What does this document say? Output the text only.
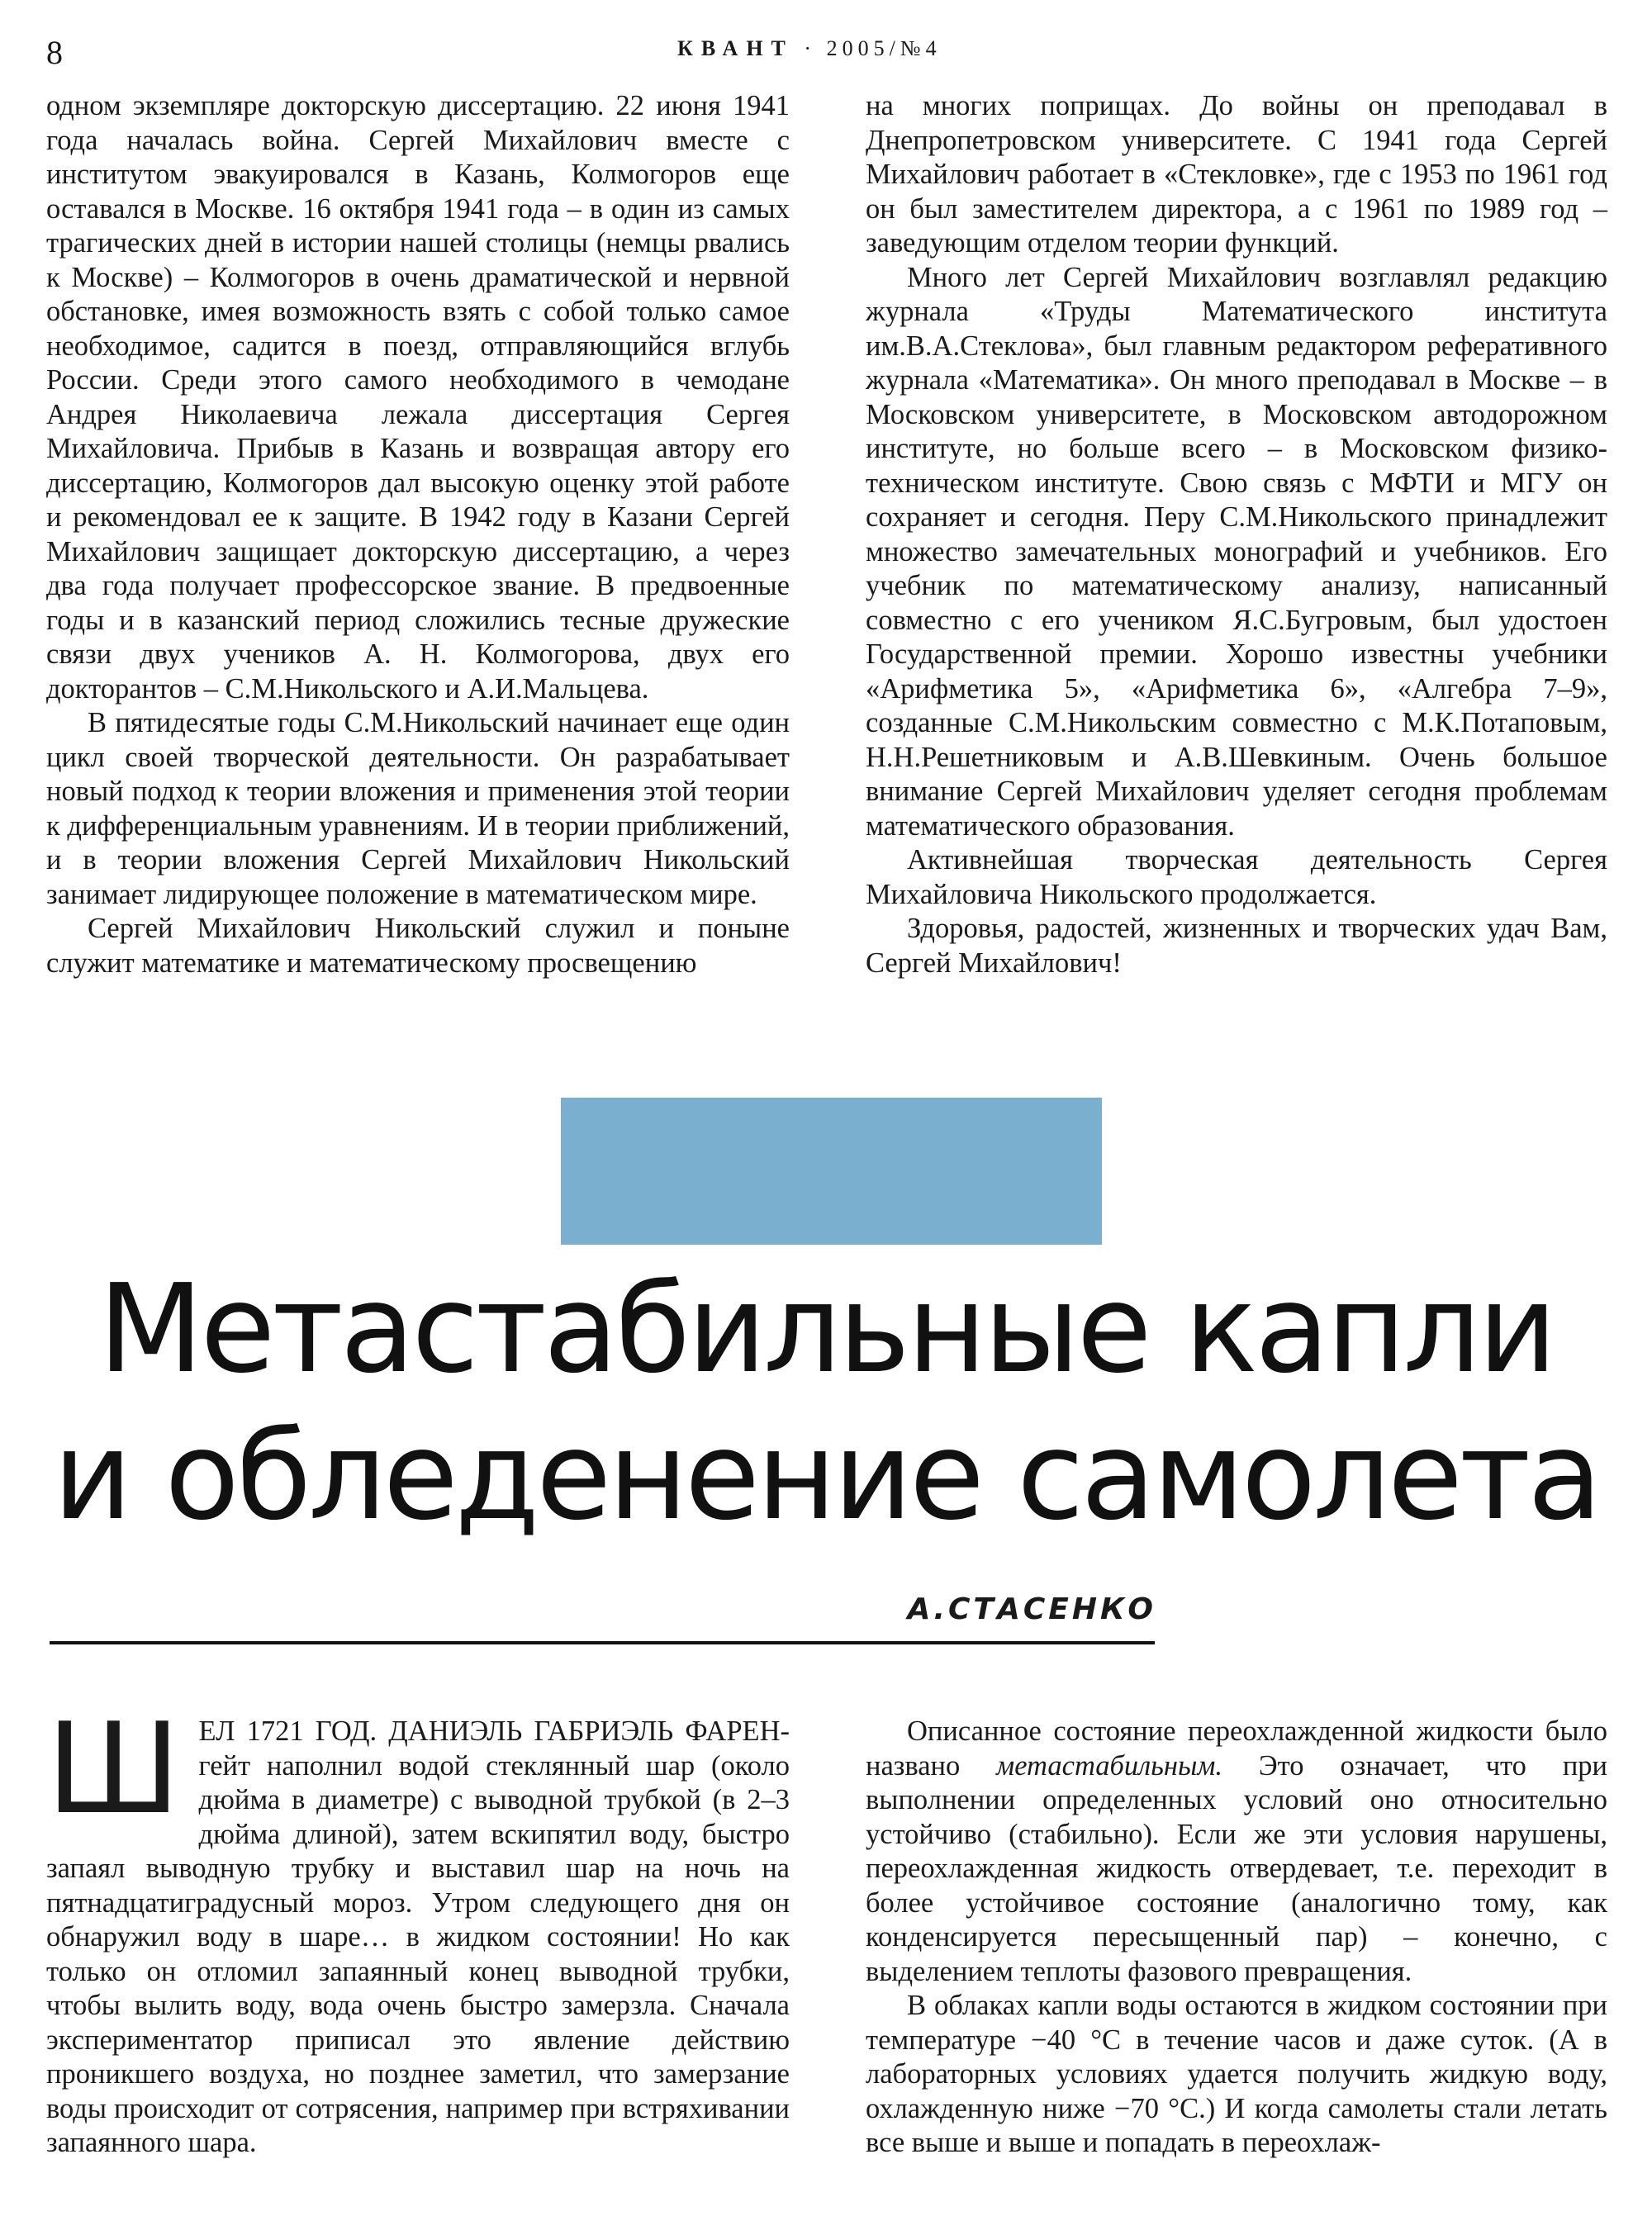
8	КВАНТ · 2005/№4

одном экземпляре докторскую диссертацию. 22 июня 1941 года началась война. Сергей Михайлович вместе с институтом эвакуировался в Казань, Колмогоров еще оставался в Москве. 16 октября 1941 года – в один из самых трагических дней в истории нашей столицы (немцы рвались к Москве) – Колмогоров в очень драматической и нервной обстановке, имея возможность взять с собой только самое необходимое, садится в поезд, отправляющийся вглубь России. Среди этого самого необходимого в чемодане Андрея Николаевича лежала диссертация Сергея Михайловича. Прибыв в Казань и возвращая автору его диссертацию, Колмогоров дал высокую оценку этой работе и рекомендовал ее к защите. В 1942 году в Казани Сергей Михайлович защищает докторскую диссертацию, а через два года получает профессорское звание. В предвоенные годы и в казанский период сложились тесные дружеские связи двух учеников А. Н. Колмогорова, двух его докторантов – С.М.Никольского и А.И.Мальцева.

В пятидесятые годы С.М.Никольский начинает еще один цикл своей творческой деятельности. Он разрабатывает новый подход к теории вложения и применения этой теории к дифференциальным уравнениям. И в теории приближений, и в теории вложения Сергей Михайлович Никольский занимает лидирующее положение в математическом мире.

Сергей Михайлович Никольский служил и поныне служит математике и математическому просвещению

на многих поприщах. До войны он преподавал в Днепропетровском университете. С 1941 года Сергей Михайлович работает в «Стекловке», где с 1953 по 1961 год он был заместителем директора, а с 1961 по 1989 год – заведующим отделом теории функций.

Много лет Сергей Михайлович возглавлял редакцию журнала «Труды Математического института им.В.А.Стеклова», был главным редактором реферативного журнала «Математика». Он много преподавал в Москве – в Московском университете, в Московском автодорожном институте, но больше всего – в Московском физико-техническом институте. Свою связь с МФТИ и МГУ он сохраняет и сегодня. Перу С.М.Никольского принадлежит множество замечательных монографий и учебников. Его учебник по математическому анализу, написанный совместно с его учеником Я.С.Бугровым, был удостоен Государственной премии. Хорошо известны учебники «Арифметика 5», «Арифметика 6», «Алгебра 7–9», созданные С.М.Никольским совместно с М.К.Потаповым, Н.Н.Решетниковым и А.В.Шевкиным. Очень большое внимание Сергей Михайлович уделяет сегодня проблемам математического образования.

Активнейшая творческая деятельность Сергея Михайловича Никольского продолжается.

Здоровья, радостей, жизненных и творческих удач Вам, Сергей Михайлович!

Метастабильные капли
и обледенение самолета
А.СТАСЕНКО

ШЕЛ 1721 ГОД. ДАНИЭЛЬ ГАБРИЭЛЬ ФАРЕН- гейт наполнил водой стеклянный шар (около дюйма в диаметре) с выводной трубкой (в 2–3 дюйма длиной), затем вскипятил воду, быстро запаял выводную трубку и выставил шар на ночь на пятнадцатиградусный мороз. Утром следующего дня он обнаружил воду в шаре… в жидком состоянии! Но как только он отломил запаянный конец выводной трубки, чтобы вылить воду, вода очень быстро замерзла. Сначала экспериментатор приписал это явление действию проникшего воздуха, но позднее заметил, что замерзание воды происходит от сотрясения, например при встряхивании запаянного шара.

Описанное состояние переохлажденной жидкости было названо метастабильным. Это означает, что при выполнении определенных условий оно относительно устойчиво (стабильно). Если же эти условия нарушены, переохлажденная жидкость отвердевает, т.е. переходит в более устойчивое состояние (аналогично тому, как конденсируется пересыщенный пар) – конечно, с выделением теплоты фазового превращения.

В облаках капли воды остаются в жидком состоянии при температуре −40 °С в течение часов и даже суток. (А в лабораторных условиях удается получить жидкую воду, охлажденную ниже −70 °С.) И когда самолеты стали летать все выше и выше и попадать в переохлаж-
